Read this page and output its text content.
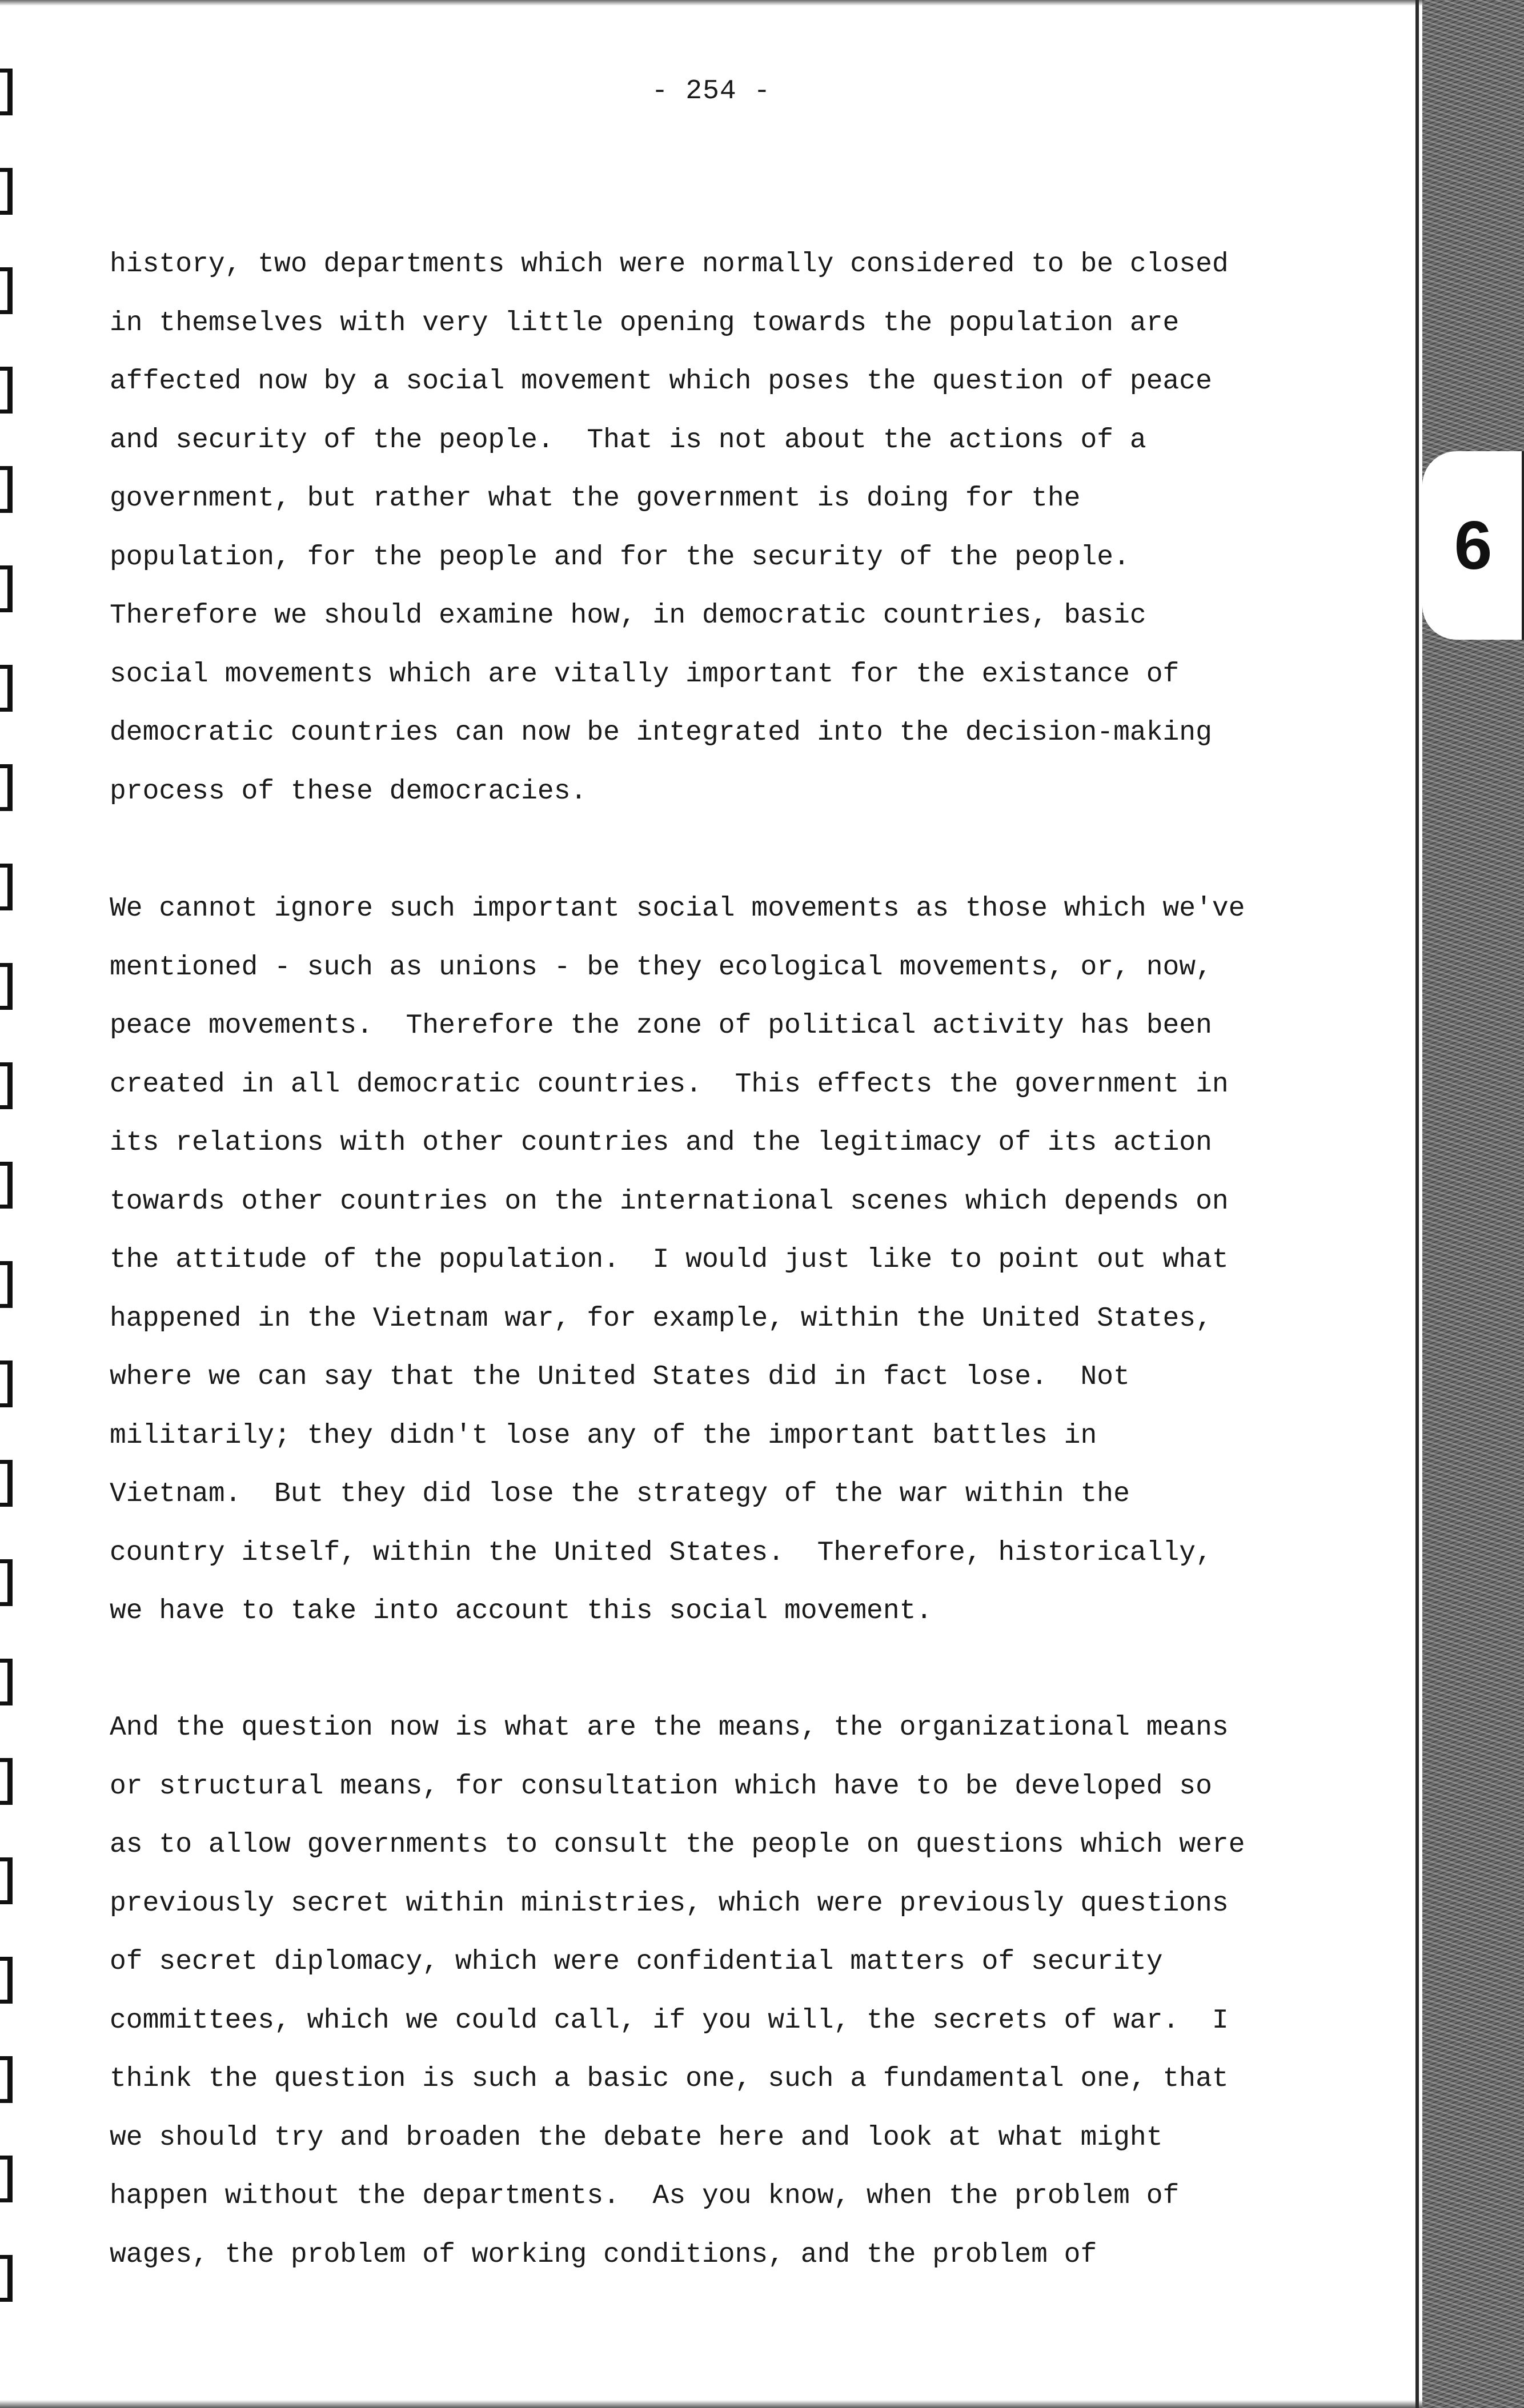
- 254 -

history, two departments which were normally considered to be closed
in themselves with very little opening towards the population are
affected now by a social movement which poses the question of peace
and security of the people.  That is not about the actions of a
government, but rather what the government is doing for the
population, for the people and for the security of the people.
Therefore we should examine how, in democratic countries, basic
social movements which are vitally important for the existance of
democratic countries can now be integrated into the decision-making
process of these democracies.

We cannot ignore such important social movements as those which we've
mentioned - such as unions - be they ecological movements, or, now,
peace movements.  Therefore the zone of political activity has been
created in all democratic countries.  This effects the government in
its relations with other countries and the legitimacy of its action
towards other countries on the international scenes which depends on
the attitude of the population.  I would just like to point out what
happened in the Vietnam war, for example, within the United States,
where we can say that the United States did in fact lose.  Not
militarily; they didn't lose any of the important battles in
Vietnam.  But they did lose the strategy of the war within the
country itself, within the United States.  Therefore, historically,
we have to take into account this social movement.

And the question now is what are the means, the organizational means
or structural means, for consultation which have to be developed so
as to allow governments to consult the people on questions which were
previously secret within ministries, which were previously questions
of secret diplomacy, which were confidential matters of security
committees, which we could call, if you will, the secrets of war.  I
think the question is such a basic one, such a fundamental one, that
we should try and broaden the debate here and look at what might
happen without the departments.  As you know, when the problem of
wages, the problem of working conditions, and the problem of

6
